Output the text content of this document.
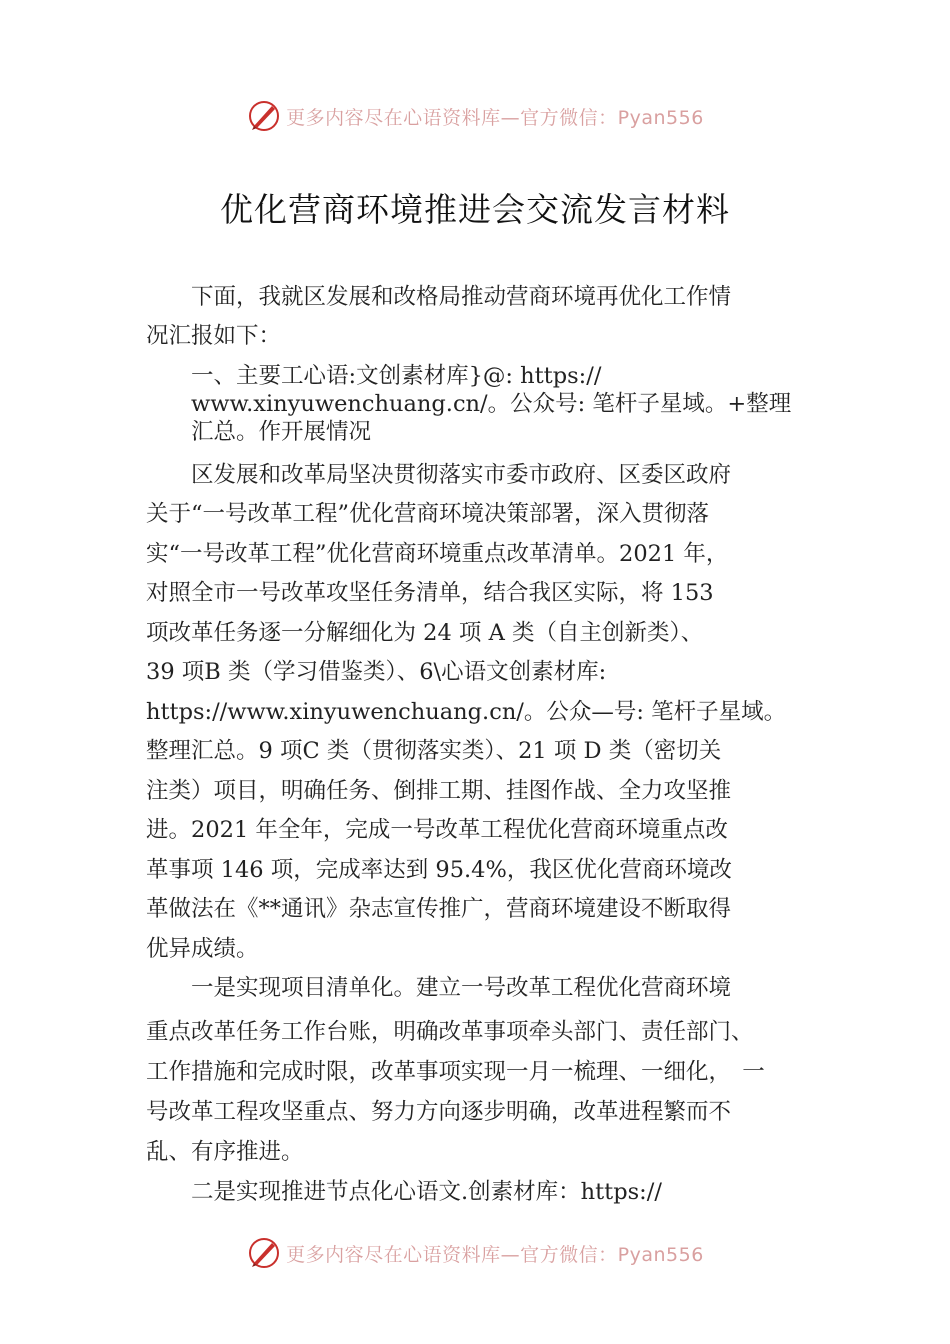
更多内容尽在心语资料库—官方微信：Pyan556
优化营商环境推进会交流发言材料
　　下面，我就区发展和改格局推动营商环境再优化工作情
况汇报如下：
　　一、主要工心语:文创素材库}@: https://
　　www.xinyuwenchuang.cn/。公众号: 笔杆子星域。+整理
　　汇总。作开展情况
　　区发展和改革局坚决贯彻落实市委市政府、区委区政府
关于“一号改革工程”优化营商环境决策部署，深入贯彻落
实“一号改革工程”优化营商环境重点改革清单。2021 年，
对照全市一号改革攻坚任务清单，结合我区实际，将 153
项改革任务逐一分解细化为 24 项 A 类（自主创新类）、
39 项B 类（学习借鉴类）、6\心语文创素材库:
https://www.xinyuwenchuang.cn/。公众—号: 笔杆子星域。
整理汇总。9 项C 类（贯彻落实类）、21 项 D 类（密切关
注类）项目，明确任务、倒排工期、挂图作战、全力攻坚推
进。2021 年全年，完成一号改革工程优化营商环境重点改
革事项 146 项，完成率达到 95.4%，我区优化营商环境改
革做法在《**通讯》杂志宣传推广，营商环境建设不断取得
优异成绩。
　　一是实现项目清单化。建立一号改革工程优化营商环境
重点改革任务工作台账，明确改革事项牵头部门、责任部门、
工作措施和完成时限，改革事项实现一月一梳理、一细化，　一
号改革工程攻坚重点、努力方向逐步明确，改革进程繁而不
乱、有序推进。
　　二是实现推进节点化心语文.创素材库：https://
更多内容尽在心语资料库—官方微信：Pyan556
